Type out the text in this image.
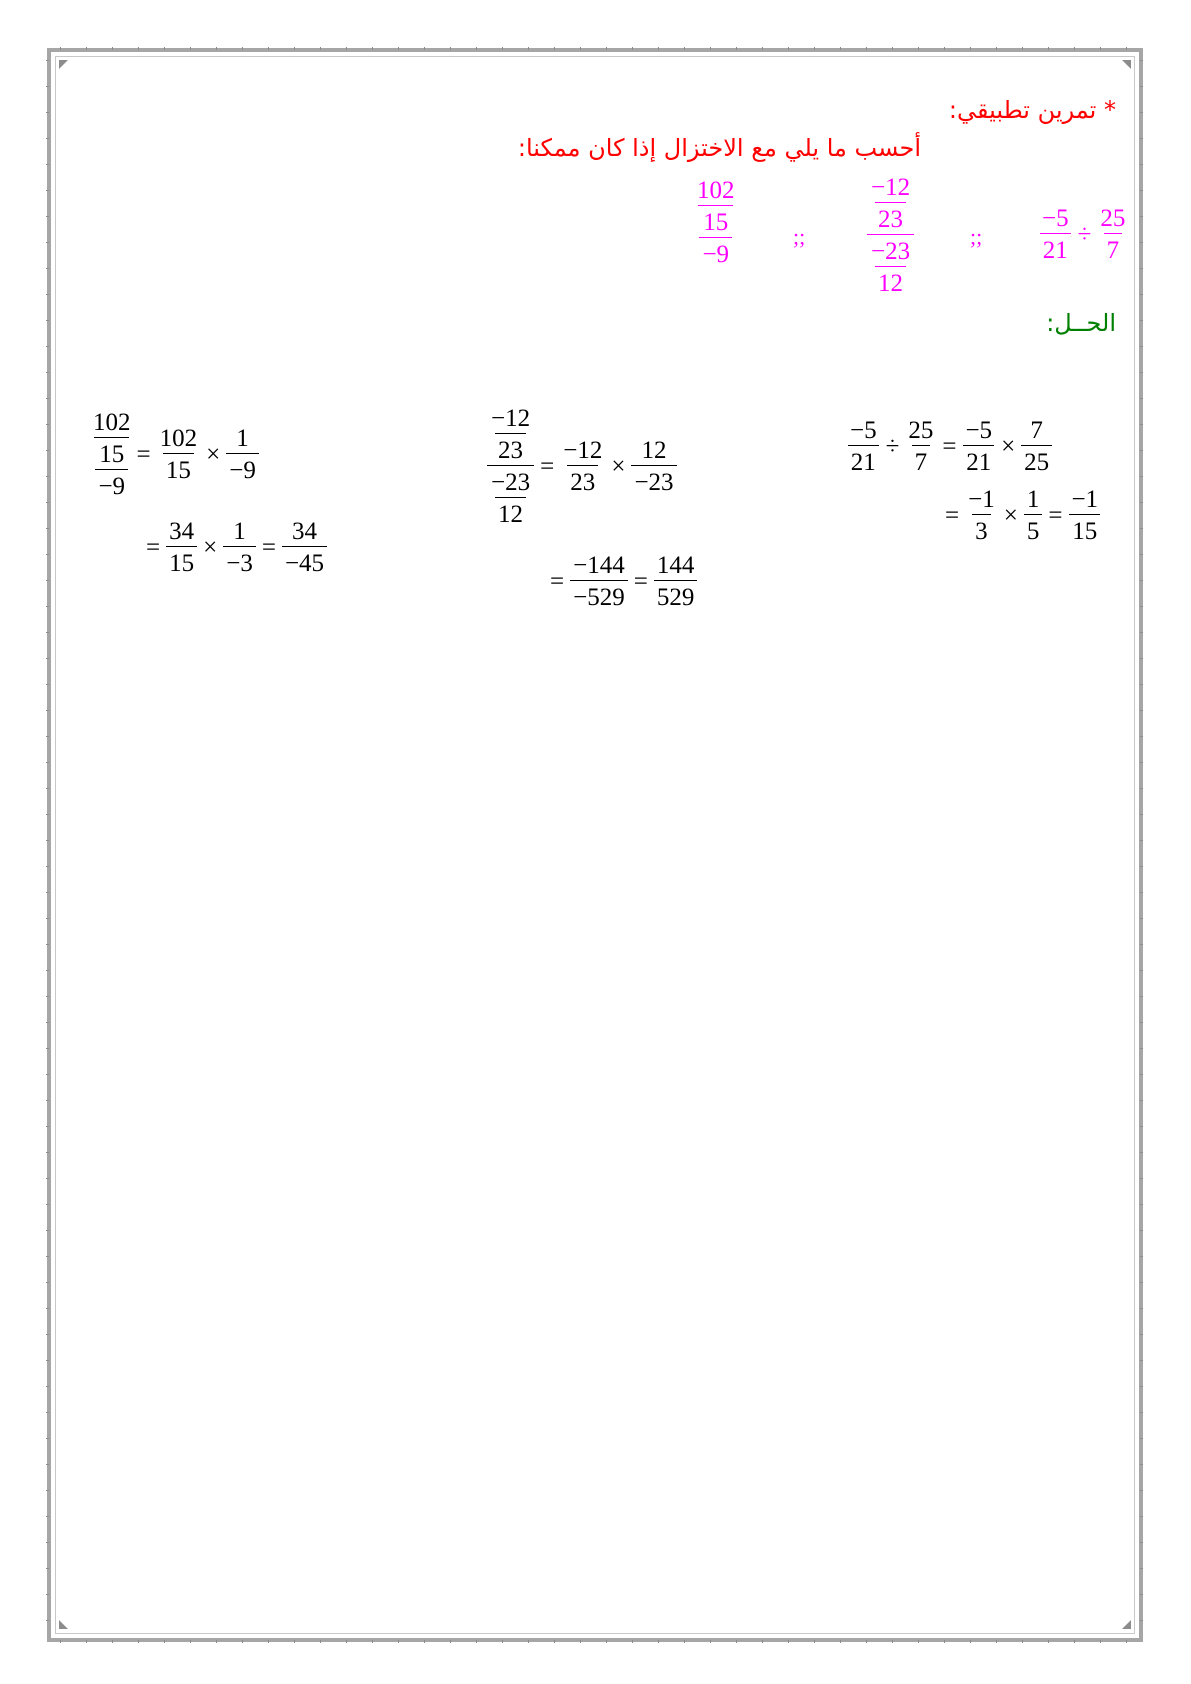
* تمرين تطبيقي:
أحسب ما يلي مع الاختزال إذا كان ممكنا:
الحــل:
$\frac{-5}{21} \div \frac{25}{7}$
;;
$\frac{\frac{-12}{23}}{\frac{-23}{12}}$
;;
$\frac{102}{\frac{15}{-9}}$
$\frac{-5}{21} \div \frac{25}{7} = \frac{-5}{21} \times \frac{7}{25}$
= $\frac{-1}{3} \times \frac{1}{5} = \frac{-1}{15}$
$\frac{\frac{-12}{23}}{\frac{-23}{12}} = \frac{-12}{23} \times \frac{12}{-23}$
= $\frac{-144}{-529} = \frac{144}{529}$
$\frac{102}{\frac{15}{-9}} = \frac{102}{15} \times \frac{1}{-9}$
= $\frac{34}{15} \times \frac{1}{-3} = \frac{34}{-45}$
